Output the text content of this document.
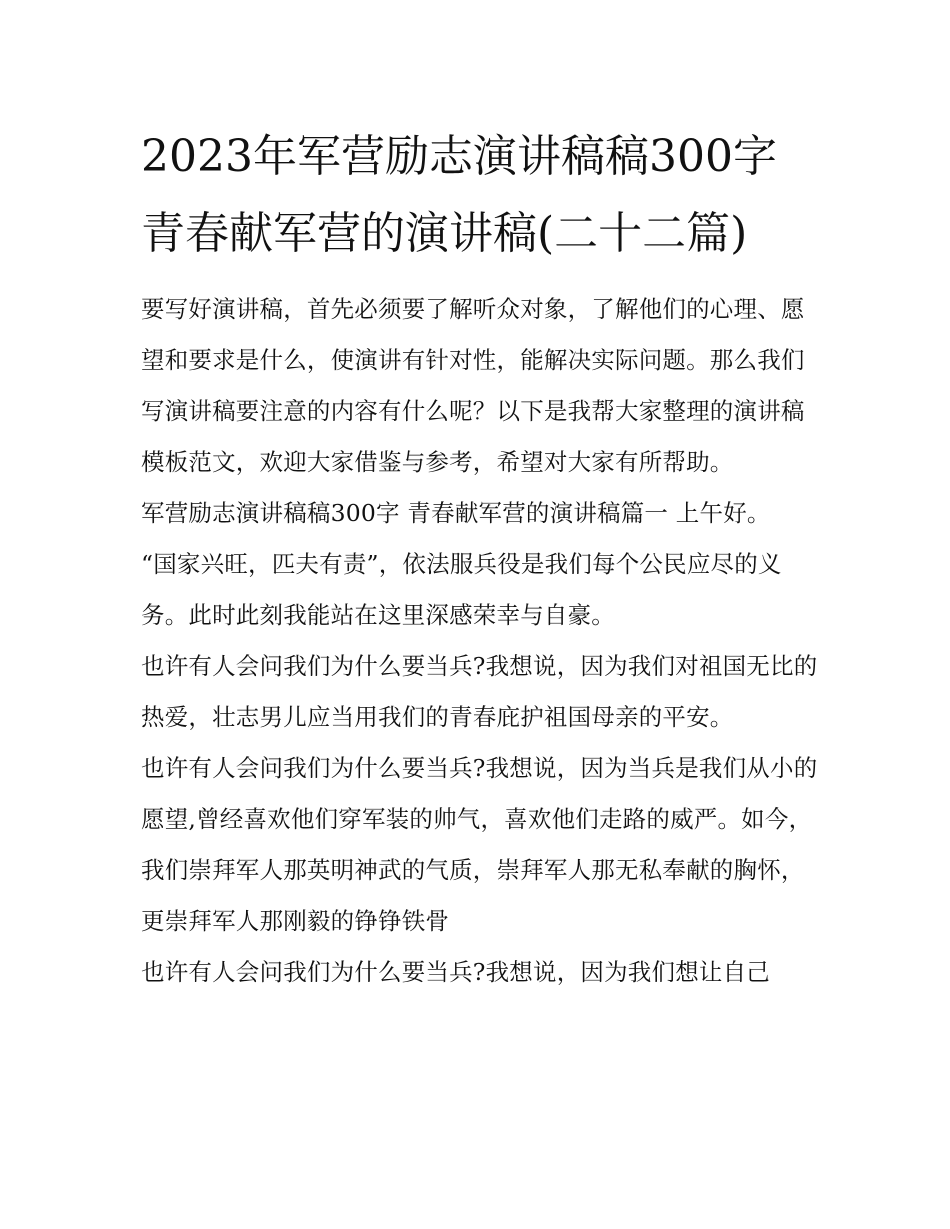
2023年军营励志演讲稿稿300字 青春献军营的演讲稿(二十二篇)

要写好演讲稿，首先必须要了解听众对象，了解他们的心理、愿望和要求是什么，使演讲有针对性，能解决实际问题。那么我们写演讲稿要注意的内容有什么呢？以下是我帮大家整理的演讲稿模板范文，欢迎大家借鉴与参考，希望对大家有所帮助。

军营励志演讲稿稿300字 青春献军营的演讲稿篇一 上午好。

“国家兴旺，匹夫有责”，依法服兵役是我们每个公民应尽的义务。此时此刻我能站在这里深感荣幸与自豪。

也许有人会问我们为什么要当兵?我想说，因为我们对祖国无比的热爱，壮志男儿应当用我们的青春庇护祖国母亲的平安。

也许有人会问我们为什么要当兵?我想说，因为当兵是我们从小的愿望,曾经喜欢他们穿军装的帅气，喜欢他们走路的威严。如今，我们崇拜军人那英明神武的气质，崇拜军人那无私奉献的胸怀，更崇拜军人那刚毅的铮铮铁骨

也许有人会问我们为什么要当兵?我想说，因为我们想让自己
